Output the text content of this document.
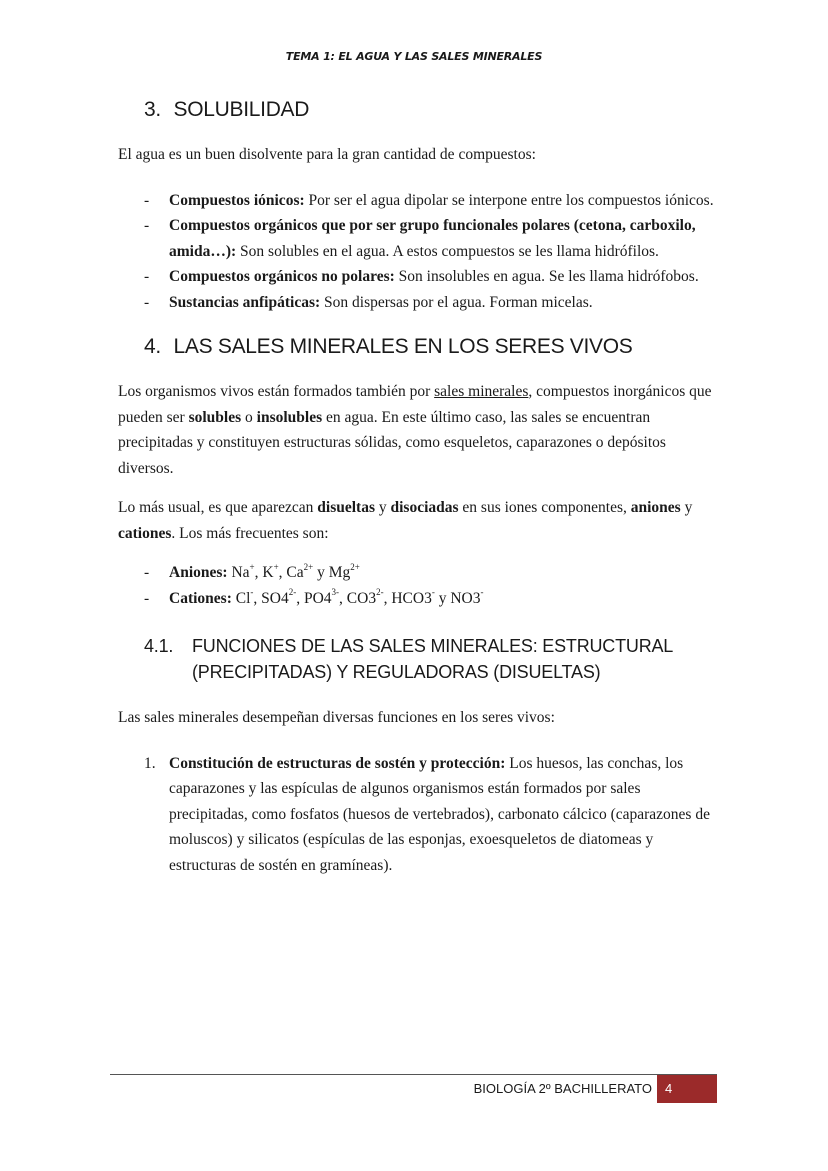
TEMA 1: EL AGUA Y LAS SALES MINERALES
3. SOLUBILIDAD

El agua es un buen disolvente para la gran cantidad de compuestos:

- Compuestos iónicos: Por ser el agua dipolar se interpone entre los compuestos iónicos.
- Compuestos orgánicos que por ser grupo funcionales polares (cetona, carboxilo, amida…): Son solubles en el agua. A estos compuestos se les llama hidrófilos.
- Compuestos orgánicos no polares: Son insolubles en agua. Se les llama hidrófobos.
- Sustancias anfipáticas: Son dispersas por el agua. Forman micelas.
4. LAS SALES MINERALES EN LOS SERES VIVOS

Los organismos vivos están formados también por sales minerales, compuestos inorgánicos que pueden ser solubles o insolubles en agua. En este último caso, las sales se encuentran precipitadas y constituyen estructuras sólidas, como esqueletos, caparazones o depósitos diversos.

Lo más usual, es que aparezcan disueltas y disociadas en sus iones componentes, aniones y cationes. Los más frecuentes son:

- Aniones: Na+, K+, $Ca^{2+}$ y $Mg^{2+}$
- Cationes: Cl-, $SO4^{2-}$, $PO4^{3-}$, $CO3^{2-}$, HCO3- y NO3-
4.1.	FUNCIONES DE LAS SALES MINERALES: ESTRUCTURAL (PRECIPITADAS) Y REGULADORAS (DISUELTAS)

Las sales minerales desempeñan diversas funciones en los seres vivos:

1. Constitución de estructuras de sostén y protección: Los huesos, las conchas, los caparazones y las espículas de algunos organismos están formados por sales precipitadas, como fosfatos (huesos de vertebrados), carbonato cálcico (caparazones de moluscos) y silicatos (espículas de las esponjas, exoesqueletos de diatomeas y estructuras de sostén en gramíneas).
BIOLOGÍA 2º BACHILLERATO	4
